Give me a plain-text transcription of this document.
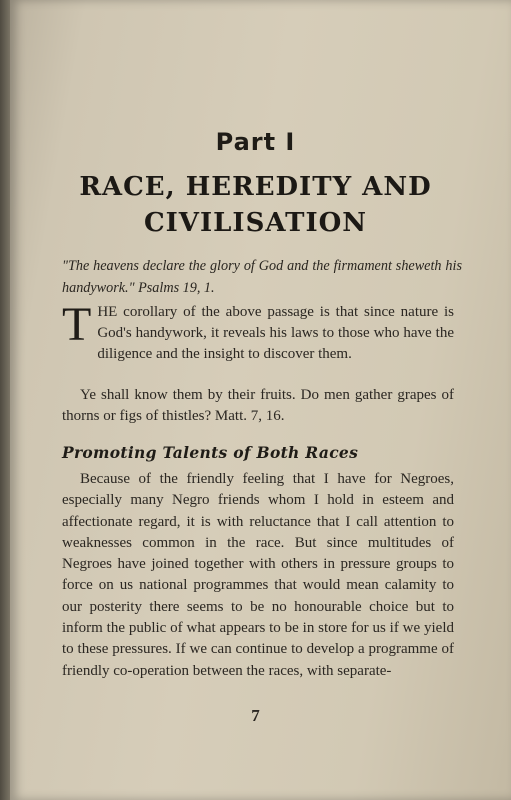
Part I
RACE, HEREDITY AND
CIVILISATION
"The heavens declare the glory of God and the firmament sheweth his handywork." Psalms 19, 1.
THE corollary of the above passage is that since nature is God's handywork, it reveals his laws to those who have the diligence and the insight to discover them.
Ye shall know them by their fruits. Do men gather grapes of thorns or figs of thistles? Matt. 7, 16.
Promoting Talents of Both Races
Because of the friendly feeling that I have for Negroes, especially many Negro friends whom I hold in esteem and affectionate regard, it is with reluctance that I call attention to weaknesses common in the race. But since multitudes of Negroes have joined together with others in pressure groups to force on us national programmes that would mean calamity to our posterity there seems to be no honourable choice but to inform the public of what appears to be in store for us if we yield to these pressures. If we can continue to develop a programme of friendly co-operation between the races, with separate-
7
